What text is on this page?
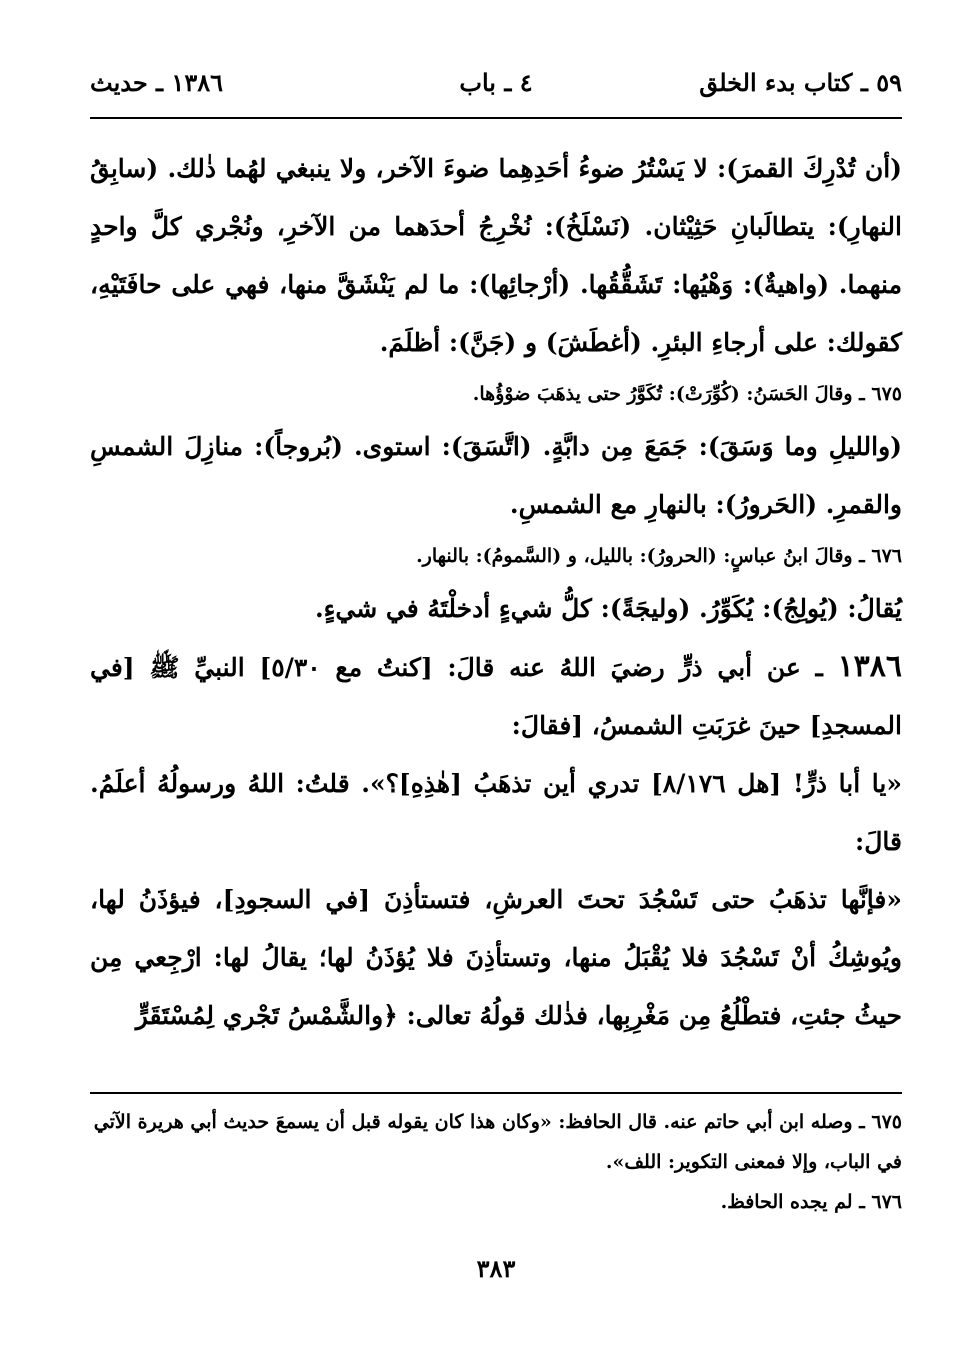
٥٩ ـ كتاب بدء الخلق
٤ ـ باب
١٣٨٦ ـ حديث

(أن تُدْرِكَ القمرَ): لا يَسْتُرُ ضوءُ أحَدِهِما ضوءَ الآخر، ولا ينبغي لهُما ذٰلك. (سابِقُ النهارِ): يتطالَبانِ حَثِيْثان. (نَسْلَخُ): نُخْرِجُ أحدَهما من الآخرِ، ونُجْري كلَّ واحدٍ منهما. (واهيةٌ): وَهْيُها: تَشَقُّقُها. (أرْجائِها): ما لم يَنْشَقَّ منها، فهي على حافَتَيْهِ، كقولك: على أرجاءِ البئرِ. (أغطَشَ) و (جَنَّ): أظلَمَ.

٦٧٥ ـ وقالَ الحَسَنُ: (كُوِّرَتْ): تُكَوَّرُ حتى يذهَبَ ضوْؤُها.

(والليلِ وما وَسَقَ): جَمَعَ مِن دابَّةٍ. (اتَّسَقَ): استوى. (بُروجاً): منازِلَ الشمسِ والقمرِ. (الحَرورُ): بالنهارِ مع الشمسِ.

٦٧٦ ـ وقالَ ابنُ عباسٍ: (الحرورُ): بالليل، و (السَّمومُ): بالنهار.

يُقالُ: (يُولِجُ): يُكَوِّرُ. (وليجَةً): كلُّ شيءٍ أدخلْتَهُ في شيءٍ.

١٣٨٦ ـ عن أبي ذرٍّ رضيَ اللهُ عنه قالَ: [كنتُ مع ٥/٣٠] النبيِّ ﷺ [في المسجدِ] حينَ غرَبَتِ الشمسُ، [فقالَ:

«يا أبا ذرٍّ! [هل ٨/١٧٦] تدري أين تذهَبُ [هٰذِهِ]؟». قلتُ: اللهُ ورسولُهُ أعلَمُ. قالَ:

«فإنَّها تذهَبُ حتى تَسْجُدَ تحتَ العرشِ، فتستأذِنَ [في السجودِ]، فيؤذَنُ لها، ويُوشِكُ أنْ تَسْجُدَ فلا يُقْبَلُ منها، وتستأذِنَ فلا يُؤذَنُ لها؛ يقالُ لها: ارْجِعي مِن حيثُ جئتِ، فتطْلُعُ مِن مَغْرِبِها، فذٰلك قولُهُ تعالى: ﴿والشَّمْسُ تَجْري لِمُسْتَقَرٍّ

٦٧٥ ـ وصله ابن أبي حاتم عنه. قال الحافظ: «وكان هذا كان يقوله قبل أن يسمعَ حديث أبي هريرة الآتي في الباب، وإلا فمعنى التكوير: اللف».

٦٧٦ ـ لم يجده الحافظ.

٣٨٣
